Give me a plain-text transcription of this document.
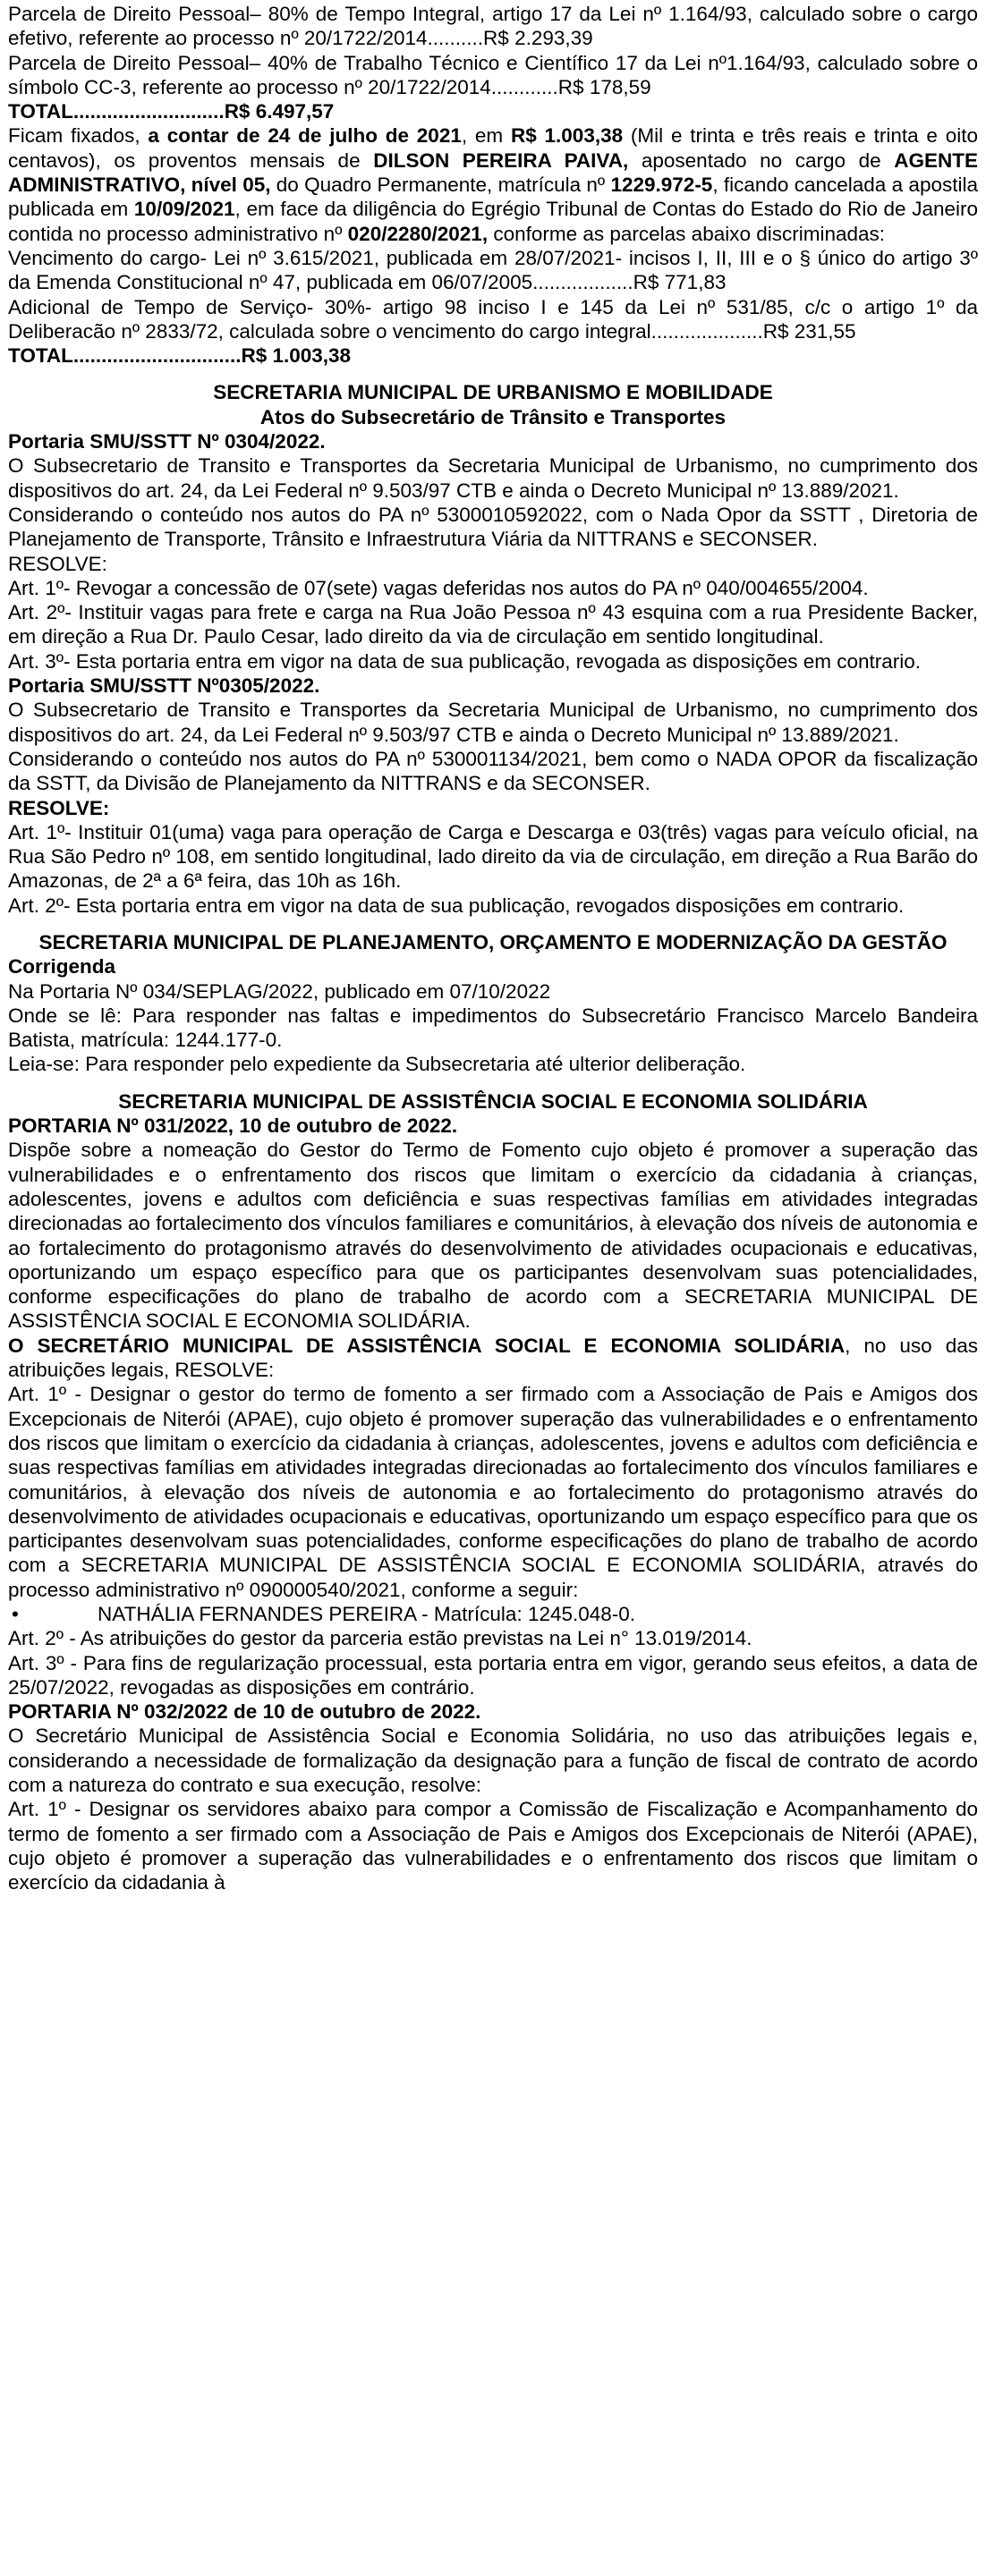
Parcela de Direito Pessoal– 80% de Tempo Integral, artigo 17 da Lei nº 1.164/93, calculado sobre o cargo efetivo, referente ao processo nº 20/1722/2014..........R$ 2.293,39
Parcela de Direito Pessoal– 40% de Trabalho Técnico e Científico 17 da Lei nº1.164/93, calculado sobre o símbolo CC-3, referente ao processo nº 20/1722/2014............R$ 178,59
TOTAL...........................R$ 6.497,57
Ficam fixados, a contar de 24 de julho de 2021, em R$ 1.003,38 (Mil e trinta e três reais e trinta e oito centavos), os proventos mensais de DILSON PEREIRA PAIVA, aposentado no cargo de AGENTE ADMINISTRATIVO, nível 05, do Quadro Permanente, matrícula nº 1229.972-5, ficando cancelada a apostila publicada em 10/09/2021, em face da diligência do Egrégio Tribunal de Contas do Estado do Rio de Janeiro contida no processo administrativo nº 020/2280/2021, conforme as parcelas abaixo discriminadas:
Vencimento do cargo- Lei nº 3.615/2021, publicada em 28/07/2021- incisos I, II, III e o § único do artigo 3º da Emenda Constitucional nº 47, publicada em 06/07/2005..................R$ 771,83
Adicional de Tempo de Serviço- 30%- artigo 98 inciso I e 145 da Lei nº 531/85, c/c o artigo 1º da Deliberacão nº 2833/72, calculada sobre o vencimento do cargo integral....................R$ 231,55
TOTAL..............................R$ 1.003,38
SECRETARIA MUNICIPAL DE URBANISMO E MOBILIDADE
Atos do Subsecretário de Trânsito e Transportes
Portaria SMU/SSTT Nº 0304/2022.
O Subsecretario de Transito e Transportes da Secretaria Municipal de Urbanismo, no cumprimento dos dispositivos do art. 24, da Lei Federal nº 9.503/97 CTB e ainda o Decreto Municipal nº 13.889/2021.
Considerando o conteúdo nos autos do PA nº 5300010592022, com o Nada Opor da SSTT , Diretoria de Planejamento de Transporte, Trânsito e Infraestrutura Viária da NITTRANS e SECONSER.
RESOLVE:
Art. 1º- Revogar a concessão de 07(sete) vagas deferidas nos autos do PA nº 040/004655/2004.
Art. 2º- Instituir vagas para frete e carga na Rua João Pessoa nº 43 esquina com a rua Presidente Backer, em direção a Rua Dr. Paulo Cesar, lado direito da via de circulação em sentido longitudinal.
Art. 3º- Esta portaria entra em vigor na data de sua publicação, revogada as disposições em contrario.
Portaria SMU/SSTT Nº0305/2022.
O Subsecretario de Transito e Transportes da Secretaria Municipal de Urbanismo, no cumprimento dos dispositivos do art. 24, da Lei Federal nº 9.503/97 CTB e ainda o Decreto Municipal nº 13.889/2021.
Considerando o conteúdo nos autos do PA nº 530001134/2021, bem como o NADA OPOR da fiscalização da SSTT, da Divisão de Planejamento da NITTRANS e da SECONSER.
RESOLVE:
Art. 1º- Instituir 01(uma) vaga para operação de Carga e Descarga e 03(três) vagas para veículo oficial, na Rua São Pedro nº 108, em sentido longitudinal, lado direito da via de circulação, em direção a Rua Barão do Amazonas, de 2ª a 6ª feira, das 10h as 16h.
Art. 2º- Esta portaria entra em vigor na data de sua publicação, revogados disposições em contrario.
SECRETARIA MUNICIPAL DE PLANEJAMENTO, ORÇAMENTO E MODERNIZAÇÃO DA GESTÃO
Corrigenda
Na Portaria Nº 034/SEPLAG/2022, publicado em 07/10/2022
Onde se lê: Para responder nas faltas e impedimentos do Subsecretário Francisco Marcelo Bandeira Batista, matrícula: 1244.177-0.
Leia-se: Para responder pelo expediente da Subsecretaria até ulterior deliberação.
SECRETARIA MUNICIPAL DE ASSISTÊNCIA SOCIAL E ECONOMIA SOLIDÁRIA
PORTARIA Nº 031/2022, 10 de outubro de 2022.
Dispõe sobre a nomeação do Gestor do Termo de Fomento cujo objeto é promover a superação das vulnerabilidades e o enfrentamento dos riscos que limitam o exercício da cidadania à crianças, adolescentes, jovens e adultos com deficiência e suas respectivas famílias em atividades integradas direcionadas ao fortalecimento dos vínculos familiares e comunitários, à elevação dos níveis de autonomia e ao fortalecimento do protagonismo através do desenvolvimento de atividades ocupacionais e educativas, oportunizando um espaço específico para que os participantes desenvolvam suas potencialidades, conforme especificações do plano de trabalho de acordo com a SECRETARIA MUNICIPAL DE ASSISTÊNCIA SOCIAL E ECONOMIA SOLIDÁRIA.
O SECRETÁRIO MUNICIPAL DE ASSISTÊNCIA SOCIAL E ECONOMIA SOLIDÁRIA, no uso das atribuições legais, RESOLVE:
Art. 1º - Designar o gestor do termo de fomento a ser firmado com a Associação de Pais e Amigos dos Excepcionais de Niterói (APAE), cujo objeto é promover superação das vulnerabilidades e o enfrentamento dos riscos que limitam o exercício da cidadania à crianças, adolescentes, jovens e adultos com deficiência e suas respectivas famílias em atividades integradas direcionadas ao fortalecimento dos vínculos familiares e comunitários, à elevação dos níveis de autonomia e ao fortalecimento do protagonismo através do desenvolvimento de atividades ocupacionais e educativas, oportunizando um espaço específico para que os participantes desenvolvam suas potencialidades, conforme especificações do plano de trabalho de acordo com a SECRETARIA MUNICIPAL DE ASSISTÊNCIA SOCIAL E ECONOMIA SOLIDÁRIA, através do processo administrativo nº 090000540/2021, conforme a seguir:
•	NATHÁLIA FERNANDES PEREIRA - Matrícula: 1245.048-0.
Art. 2º - As atribuições do gestor da parceria estão previstas na Lei n° 13.019/2014.
Art. 3º - Para fins de regularização processual, esta portaria entra em vigor, gerando seus efeitos, a data de 25/07/2022, revogadas as disposições em contrário.
PORTARIA Nº 032/2022 de 10 de outubro de 2022.
O Secretário Municipal de Assistência Social e Economia Solidária, no uso das atribuições legais e, considerando a necessidade de formalização da designação para a função de fiscal de contrato de acordo com a natureza do contrato e sua execução, resolve:
Art. 1º - Designar os servidores abaixo para compor a Comissão de Fiscalização e Acompanhamento do termo de fomento a ser firmado com a Associação de Pais e Amigos dos Excepcionais de Niterói (APAE), cujo objeto é promover a superação das vulnerabilidades e o enfrentamento dos riscos que limitam o exercício da cidadania à
